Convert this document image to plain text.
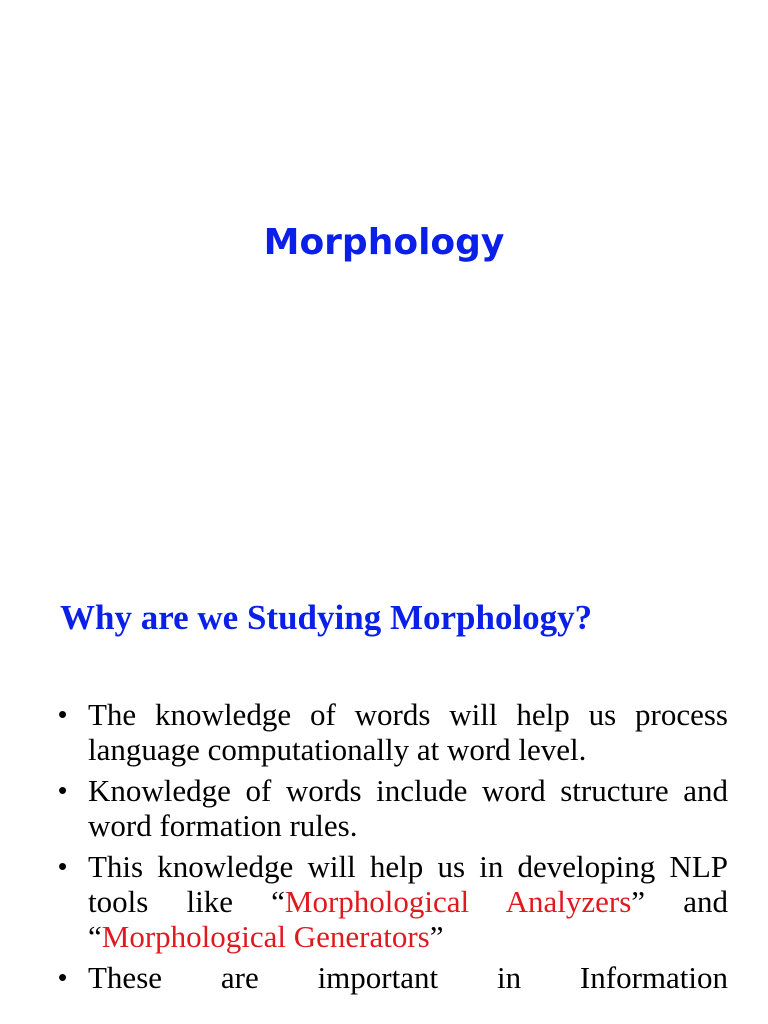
Morphology
Why are we Studying Morphology?
• The knowledge of words will help us process language computationally at word level.
• Knowledge of words include word structure and word formation rules.
• This knowledge will help us in developing NLP tools like “Morphological Analyzers” and “Morphological Generators”
• These are important in Information
